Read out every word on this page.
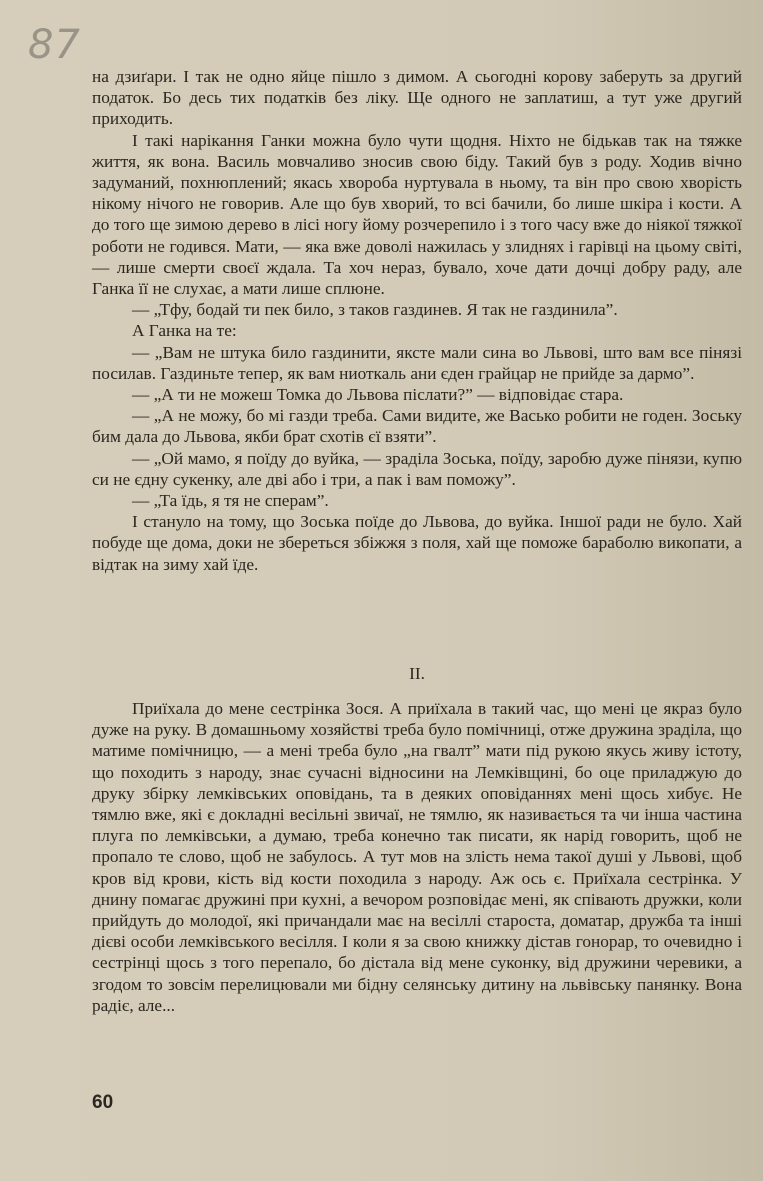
87

на дзиґари. І так не одно яйце пішло з димом. А сьогодні корову заберуть за другий податок. Бо десь тих податків без ліку. Ще одного не заплатиш, а тут уже другий приходить.

І такі нарікання Ганки можна було чути щодня. Ніхто не бідькав так на тяжке життя, як вона. Василь мовчаливо зносив свою біду. Такий був з роду. Ходив вічно задуманий, похнюплений; якась хвороба нуртувала в ньому, та він про свою хворість нікому нічого не говорив. Але що був хворий, то всі бачили, бо лише шкіра і кости. А до того ще зимою дерево в лісі ногу йому розчерепило і з того часу вже до ніякої тяжкої роботи не годився. Мати, — яка вже доволі нажилась у злиднях і гарівці на цьому світі, — лише смерти своєї ждала. Та хоч нераз, бувало, хоче дати дочці добру раду, але Ганка її не слухає, а мати лише сплюне.

— „Тфу, бодай ти пек било, з таков газдинев. Я так не газдинила”.

А Ганка на те:

— „Вам не штука било газдинити, якстe мали сина во Львові, што вам все пінязі посилав. Газдиньте тепер, як вам ниоткаль ани єден грайцар не прийде за дармо”.

— „А ти не можеш Томка до Львова післати?” — відповідає стара.

— „А не можу, бо мі газди треба. Сами видите, же Васько робити не годен. Зоську бим дала до Львова, якби брат схотів єї взяти”.

— „Ой мамо, я поїду до вуйка, — зраділа Зоська, поїду, заробю дуже пінязи, купю си не єдну сукенку, але дві або і три, а пак і вам поможу”.

— „Та їдь, я тя не сперам”.

І стануло на тому, що Зоська поїде до Львова, до вуйка. Іншої ради не було. Хай побуде ще дома, доки не збереться збіжжя з поля, хай ще поможе бараболю викопати, а відтак на зиму хай їде.

II.

Приїхала до мене сестрінка Зося. А приїхала в такий час, що мені це якраз було дуже на руку. В домашньому хозяйстві треба було помічниці, отже дружина зраділа, що матиме помічницю, — а мені треба було „на гвалт” мати під рукою якусь живу істоту, що походить з народу, знає сучасні відносини на Лемківщині, бо оце приладжую до друку збірку лемківських оповідань, та в деяких оповіданнях мені щось хибує. Не тямлю вже, які є докладні весільні звичаї, не тямлю, як називається та чи інша частина плуга по лемківськи, а думаю, треба конечно так писати, як нарід говорить, щоб не пропало те слово, щоб не забулось. А тут мов на злість нема такої душі у Львові, щоб кров від крови, кість від кости походила з народу. Аж ось є. Приїхала сестрінка. У днину помагає дружині при кухні, а вечором розповідає мені, як співають дружки, коли прийдуть до молодої, які причандали має на весіллі староста, доматар, дружба та інші дієві особи лемківського весілля. І коли я за свою книжку дістав гонорар, то очевидно і сестрінці щось з того перепало, бо дістала від мене суконку, від дружини черевики, а згодом то зовсім перелицювали ми бідну селянську дитину на львівську панянку. Вона радіє, але...

60
